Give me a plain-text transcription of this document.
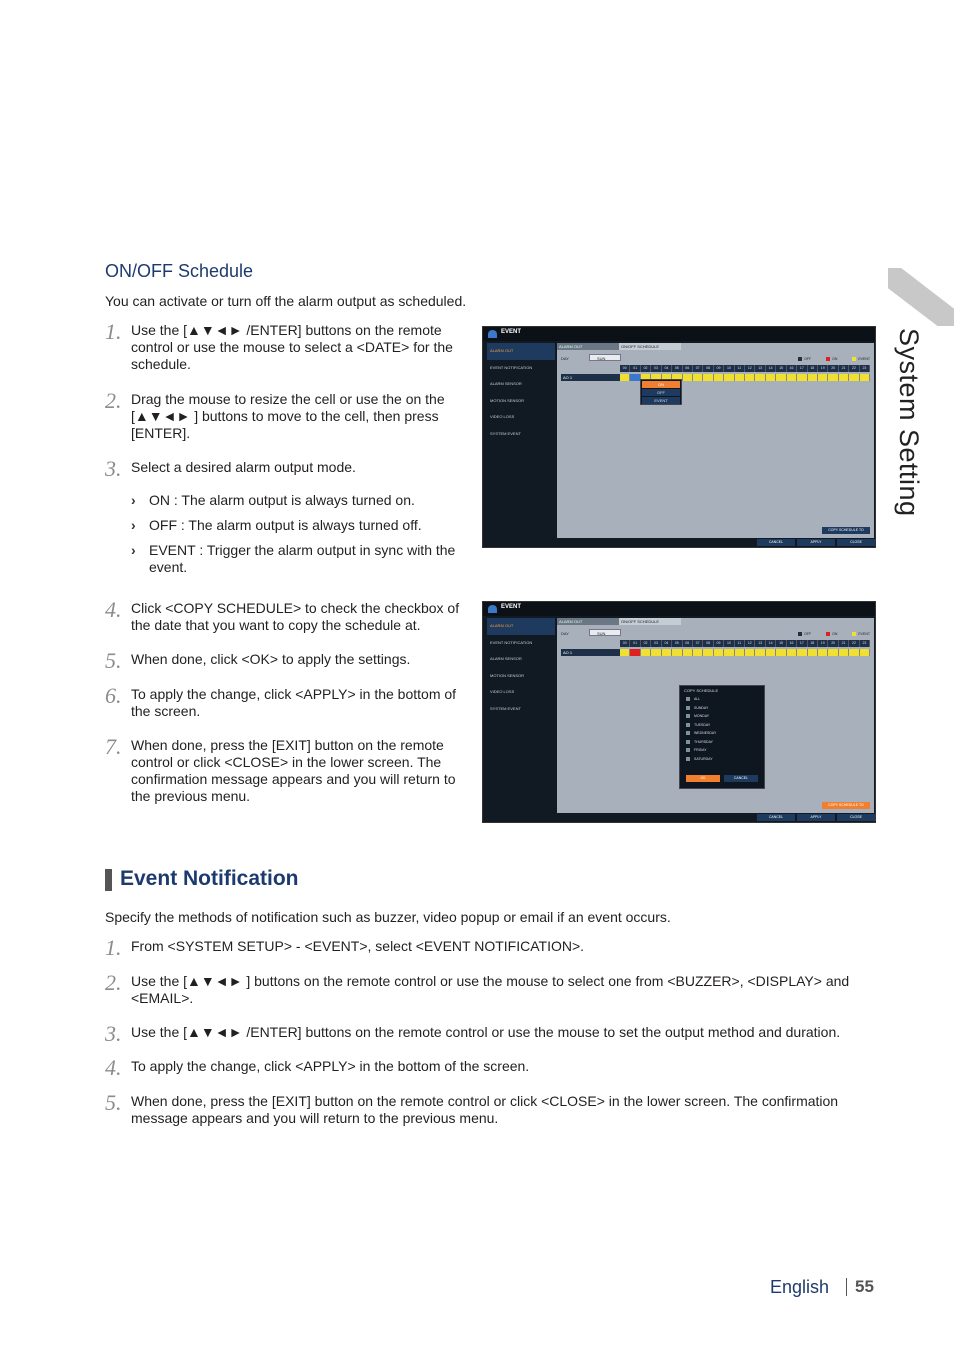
System Setting
ON/OFF Schedule

You can activate or turn off the alarm output as scheduled.

1. Use the [▲▼◄► /ENTER] buttons on the remote control or use the mouse to select a <DATE> for the schedule.
2. Drag the mouse to resize the cell or use the on the [▲▼◄► ] buttons to move to the cell, then press [ENTER].
3. Select a desired alarm output mode.
› ON : The alarm output is always turned on.
› OFF : The alarm output is always turned off.
› EVENT : Trigger the alarm output in sync with the event.
4. Click <COPY SCHEDULE> to check the checkbox of the date that you want to copy the schedule at.
5. When done, click <OK> to apply the settings.
6. To apply the change, click <APPLY> in the bottom of the screen.
7. When done, press the [EXIT] button on the remote control or click <CLOSE> in the lower screen. The confirmation message appears and you will return to the previous menu.
EVENT
ALARM OUT
EVENT NOTIFICATION
ALARM SENSOR
MOTION SENSOR
VIDEO LOSS
SYSTEM EVENT
ALARM OUT	ON/OFF SCHEDULE
DAY	SUN	OFF	ON	EVENT
00	01	02	03	04	05	06	07	08	09	10	11	12	13	14	15	16	17	18	19	20	21	22	23
AO 1
ON
OFF
EVENT
COPY SCHEDULE TO
CANCEL	APPLY	CLOSE
EVENT
ALARM OUT
EVENT NOTIFICATION
ALARM SENSOR
MOTION SENSOR
VIDEO LOSS
SYSTEM EVENT
ALARM OUT	ON/OFF SCHEDULE
DAY	SUN	OFF	ON	EVENT
00	01	02	03	04	05	06	07	08	09	10	11	12	13	14	15	16	17	18	19	20	21	22	23
AO 1
COPY SCHEDULE
ALL
SUNDAY
MONDAY
TUESDAY
WEDNESDAY
THURSDAY
FRIDAY
SATURDAY
OK	CANCEL
COPY SCHEDULE TO
CANCEL	APPLY	CLOSE
Event Notification

Specify the methods of notification such as buzzer, video popup or email if an event occurs.

1. From <SYSTEM SETUP> - <EVENT>, select <EVENT NOTIFICATION>.
2. Use the [▲▼◄► ] buttons on the remote control or use the mouse to select one from <BUZZER>, <DISPLAY> and <EMAIL>.
3. Use the [▲▼◄► /ENTER] buttons on the remote control or use the mouse to set the output method and duration.
4. To apply the change, click <APPLY> in the bottom of the screen.
5. When done, press the [EXIT] button on the remote control or click <CLOSE> in the lower screen. The confirmation message appears and you will return to the previous menu.
English 55
